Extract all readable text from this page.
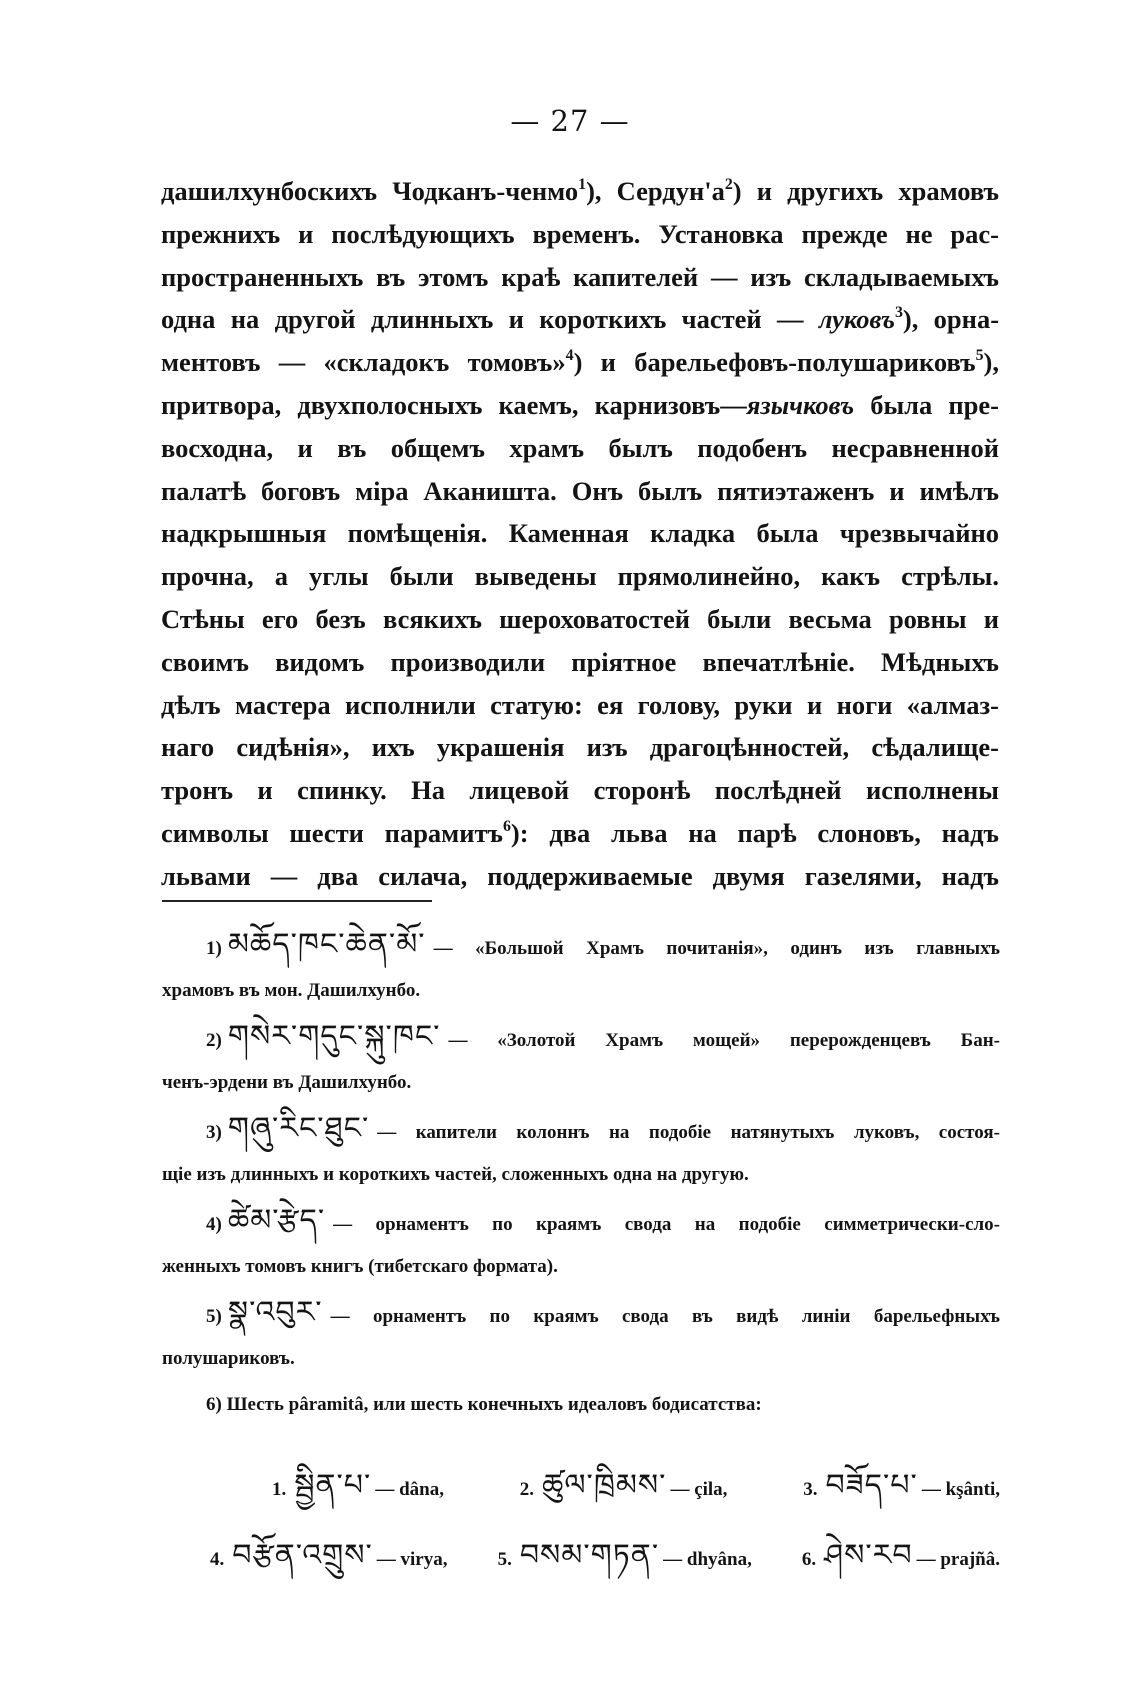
— 27 —
дашилхунбоскихъ Чодканъ-ченмо$^1$), $Сердун'а^2$) и другихъ храмовъ
прежнихъ и послѣдующихъ временъ. Установка прежде не рас-
пространенныхъ въ этомъ краѣ капителей — изъ складываемыхъ
одна на другой длинныхъ и короткихъ частей — луковъ$^3$), орна-
ментовъ — «складокъ томовъ»$^4$) и барельефовъ-полушариковъ$^5$),
притвора, двухполосныхъ каемъ, карнизовъ—язычковъ была пре-
восходна, и въ общемъ храмъ былъ подобенъ несравненной
палатѣ боговъ міра Аканишта. Онъ былъ пятиэтаженъ и имѣлъ
надкрышныя помѣщенія. Каменная кладка была чрезвычайно
прочна, а углы были выведены прямолинейно, какъ стрѣлы.
Стѣны его безъ всякихъ шероховатостей были весьма ровны и
своимъ видомъ производили пріятное впечатлѣніе. Мѣдныхъ
дѣлъ мастера исполнили статую: ея голову, руки и ноги «алмаз-
наго сидѣнія», ихъ украшенія изъ драгоцѣнностей, сѣдалище-
тронъ и спинку. На лицевой сторонѣ послѣдней исполнены
символы шести парамитъ$^6$): два льва на парѣ слоновъ, надъ
львами — два силача, поддерживаемые двумя газелями, надъ
1) མཆོད་ཁང་ཆེན་མོ་ — «Большой Храмъ почитанія», одинъ изъ главныхъ
храмовъ въ мон. Дашилхунбо.
2) གསེར་གདུང་སྐུ་ཁང་ — «Золотой Храмъ мощей» перерожденцевъ Бан-
ченъ-эрдени въ Дашилхунбо.
3) གཞུ་རིང་ཐུང་ — капители колоннъ на подобіе натянутыхъ луковъ, состоя-
щіе изъ длинныхъ и короткихъ частей, сложенныхъ одна на другую.
4) ཚེམ་རྩེད་ — орнаментъ по краямъ свода на подобіе симметрически-сло-
женныхъ томовъ книгъ (тибетскаго формата).
5) སྣ་འབུར་ — орнаментъ по краямъ свода въ видѣ линіи барельефныхъ
полушариковъ.
6) Шесть pâramitâ, или шесть конечныхъ идеаловъ бодисатства:
1. སྦྱིན་པ་ — dâna,	2. ཚུལ་ཁྲིམས་ — çila,	3. བཟོད་པ་ — kşânti,
4. བརྩོན་འགྲུས་ — virya,	5. བསམ་གཏན་ — dhyâna,	6. ཤེས་རབ — prajñâ.
